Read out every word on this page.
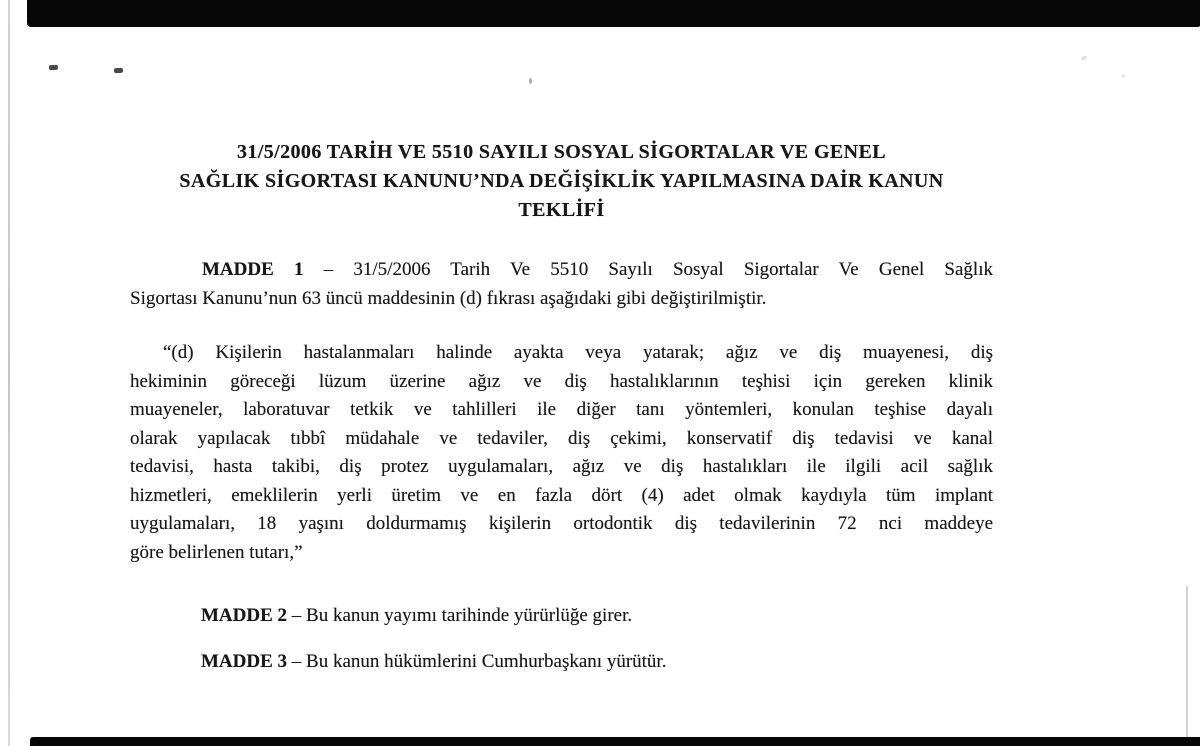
31/5/2006 TARİH VE 5510 SAYILI SOSYAL SİGORTALAR VE GENEL
SAĞLIK SİGORTASI KANUNU’NDA DEĞİŞİKLİK YAPILMASINA DAİR KANUN
TEKLİFİ

MADDE 1 – 31/5/2006 Tarih Ve 5510 Sayılı Sosyal Sigortalar Ve Genel Sağlık
Sigortası Kanunu’nun 63 üncü maddesinin (d) fıkrası aşağıdaki gibi değiştirilmiştir.

“(d) Kişilerin hastalanmaları halinde ayakta veya yatarak; ağız ve diş muayenesi, diş
hekiminin göreceği lüzum üzerine ağız ve diş hastalıklarının teşhisi için gereken klinik
muayeneler, laboratuvar tetkik ve tahlilleri ile diğer tanı yöntemleri, konulan teşhise dayalı
olarak yapılacak tıbbî müdahale ve tedaviler, diş çekimi, konservatif diş tedavisi ve kanal
tedavisi, hasta takibi, diş protez uygulamaları, ağız ve diş hastalıkları ile ilgili acil sağlık
hizmetleri, emeklilerin yerli üretim ve en fazla dört (4) adet olmak kaydıyla tüm implant
uygulamaları, 18 yaşını doldurmamış kişilerin ortodontik diş tedavilerinin 72 nci maddeye
göre belirlenen tutarı,”

MADDE 2 – Bu kanun yayımı tarihinde yürürlüğe girer.

MADDE 3 – Bu kanun hükümlerini Cumhurbaşkanı yürütür.
